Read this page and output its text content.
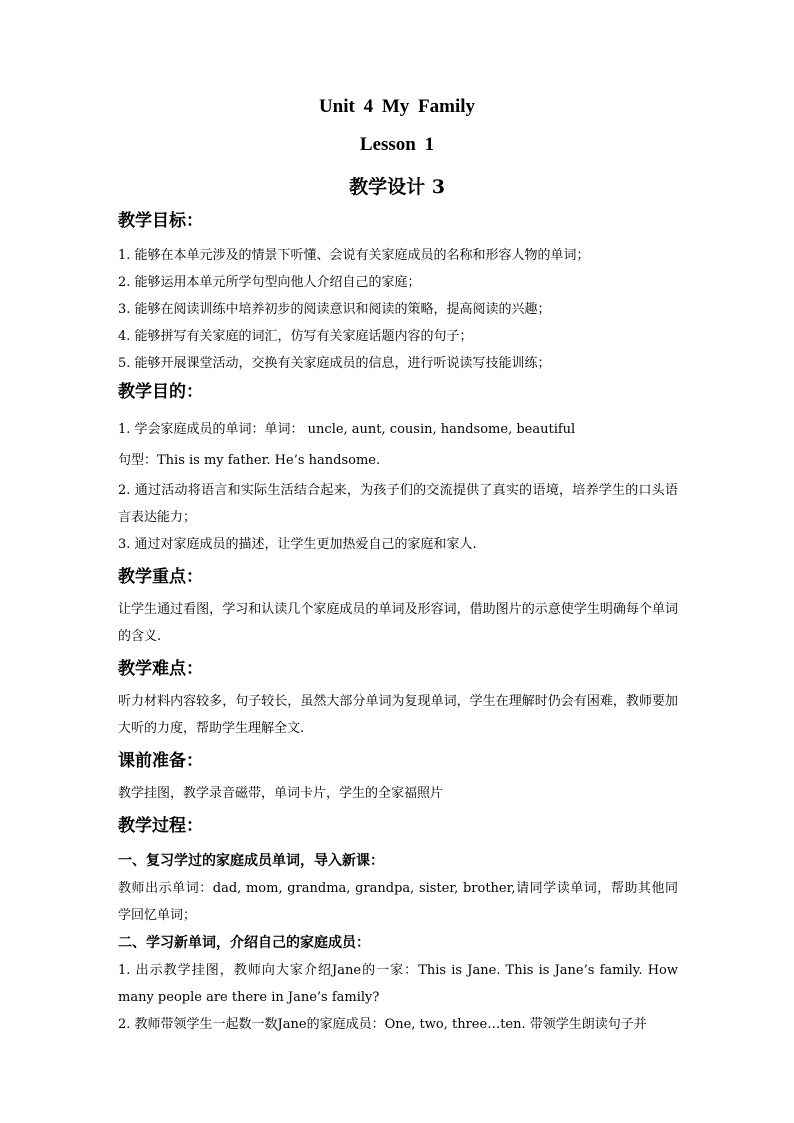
Unit 4 My Family
Lesson 1
教学设计 3
教学目标：
1. 能够在本单元涉及的情景下听懂、会说有关家庭成员的名称和形容人物的单词；
2. 能够运用本单元所学句型向他人介绍自己的家庭；
3. 能够在阅读训练中培养初步的阅读意识和阅读的策略，提高阅读的兴趣；
4. 能够拼写有关家庭的词汇，仿写有关家庭话题内容的句子；
5. 能够开展课堂活动，交换有关家庭成员的信息，进行听说读写技能训练；
教学目的：
1. 学会家庭成员的单词：单词： uncle, aunt, cousin, handsome, beautiful
句型：This is my father. He’s handsome.
2. 通过活动将语言和实际生活结合起来，为孩子们的交流提供了真实的语境，培养学生的口头语言表达能力；
3. 通过对家庭成员的描述，让学生更加热爱自己的家庭和家人.
教学重点：
让学生通过看图，学习和认读几个家庭成员的单词及形容词，借助图片的示意使学生明确每个单词的含义.
教学难点：
听力材料内容较多，句子较长，虽然大部分单词为复现单词，学生在理解时仍会有困难，教师要加大听的力度，帮助学生理解全文.
课前准备：
教学挂图，教学录音磁带，单词卡片，学生的全家福照片
教学过程：
一、复习学过的家庭成员单词，导入新课：
教师出示单词：dad, mom, grandma, grandpa, sister, brother,请同学读单词，帮助其他同学回忆单词；
二、学习新单词，介绍自己的家庭成员：
1. 出示教学挂图，教师向大家介绍Jane的一家：This is Jane. This is Jane’s family. How many people are there in Jane’s family?
2. 教师带领学生一起数一数Jane的家庭成员：One, two, three…ten. 带领学生朗读句子并
